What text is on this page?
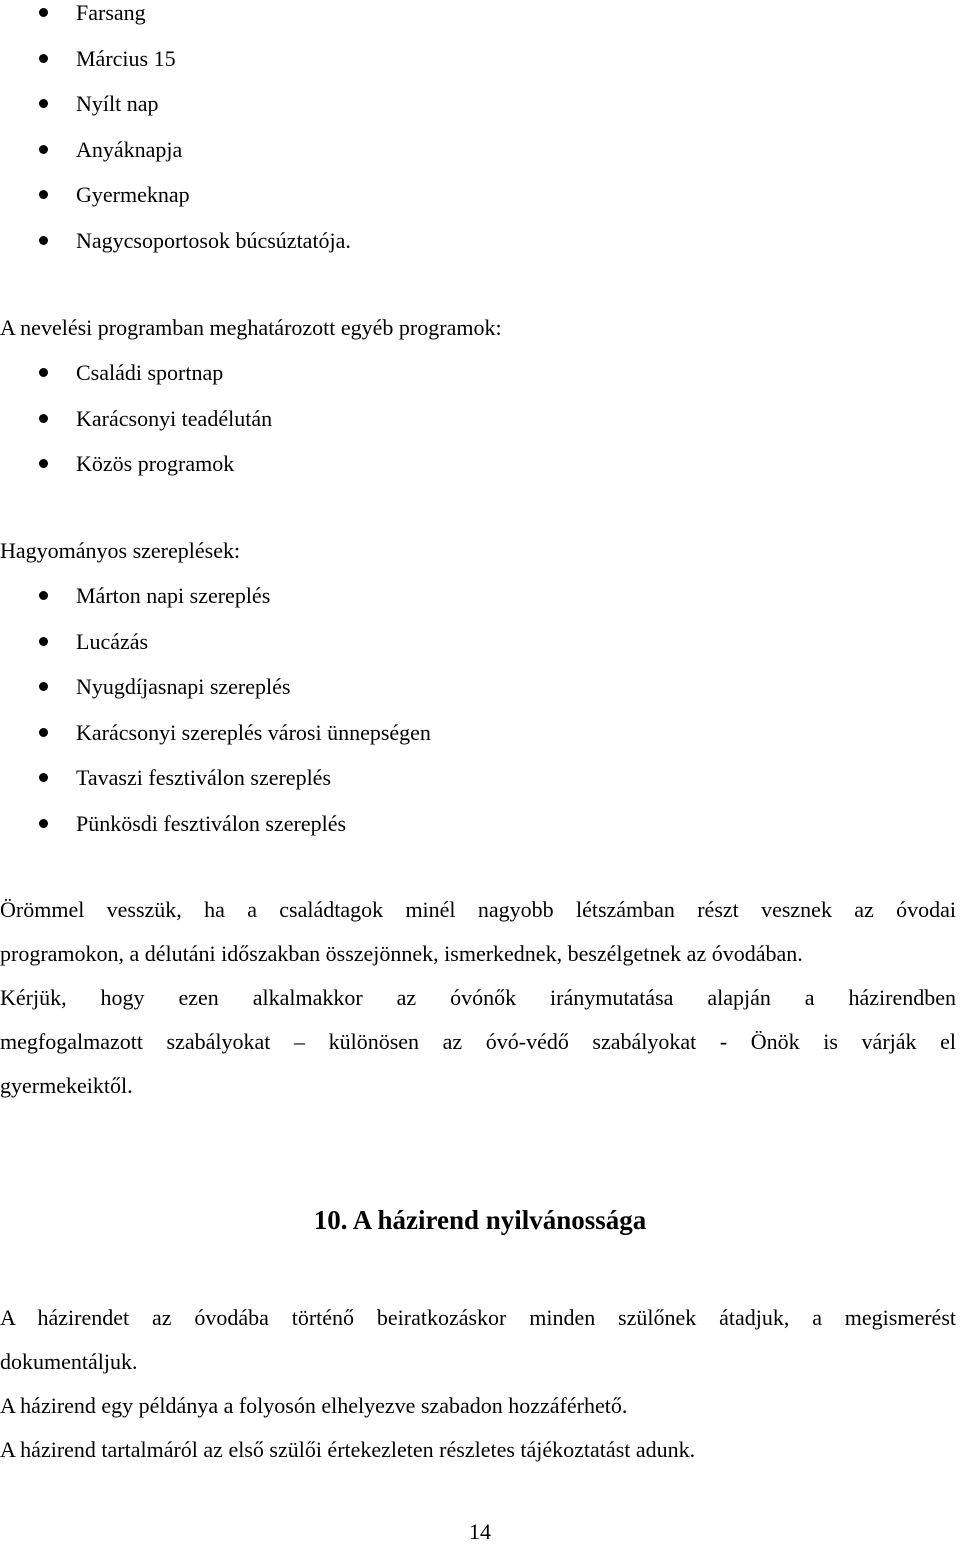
Farsang
Március 15
Nyílt nap
Anyáknapja
Gyermeknap
Nagycsoportosok búcsúztatója.
A nevelési programban meghatározott egyéb programok:
Családi sportnap
Karácsonyi teadélután
Közös programok
Hagyományos szereplések:
Márton napi szereplés
Lucázás
Nyugdíjasnapi szereplés
Karácsonyi szereplés városi ünnepségen
Tavaszi fesztiválon szereplés
Pünkösdi fesztiválon szereplés
Örömmel vesszük, ha a családtagok minél nagyobb létszámban részt vesznek az óvodai
programokon, a délutáni időszakban összejönnek, ismerkednek, beszélgetnek az óvodában.
Kérjük, hogy ezen alkalmakkor az óvónők iránymutatása alapján a házirendben
megfogalmazott szabályokat – különösen az óvó-védő szabályokat - Önök is várják el
gyermekeiktől.
10. A házirend nyilvánossága
A házirendet az óvodába történő beiratkozáskor minden szülőnek átadjuk, a megismerést
dokumentáljuk.
A házirend egy példánya a folyosón elhelyezve szabadon hozzáférhető.
A házirend tartalmáról az első szülői értekezleten részletes tájékoztatást adunk.
14
